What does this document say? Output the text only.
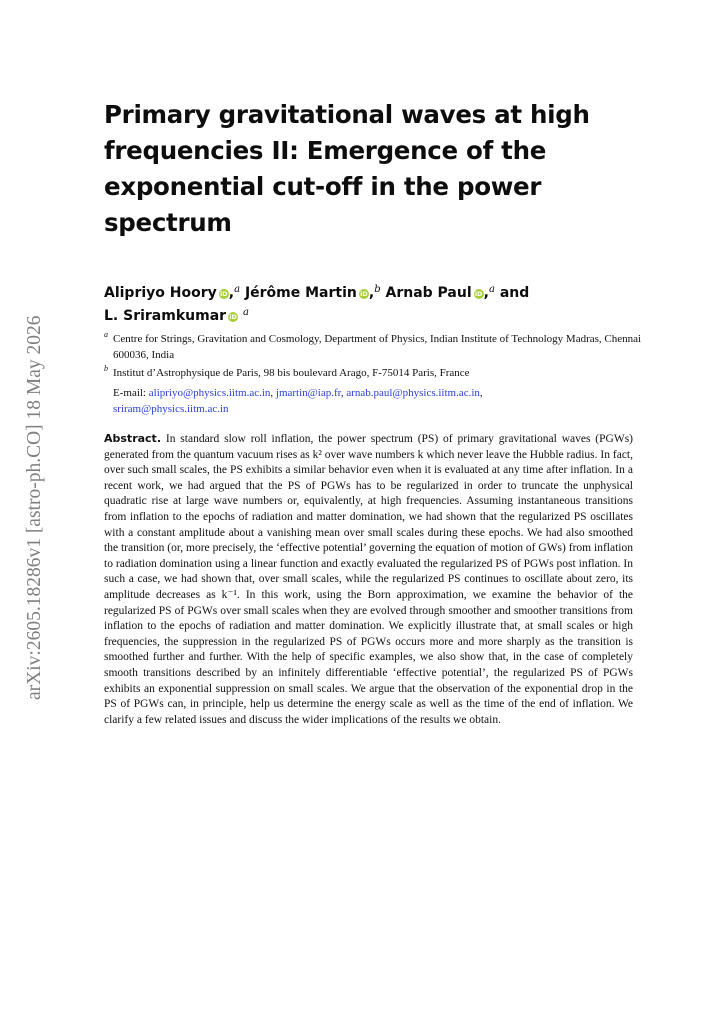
arXiv:2605.18286v1 [astro-ph.CO] 18 May 2026
Primary gravitational waves at high frequencies II: Emergence of the exponential cut-off in the power spectrum
Alipriyo Hoory iD,$^a$ Jérôme Martin iD,$^b$ Arnab Paul iD,$^a$ and
L. Sriramkumar iD $^a$
a Centre for Strings, Gravitation and Cosmology, Department of Physics, Indian Institute of Technology Madras, Chennai 600036, India
b Institut d’Astrophysique de Paris, 98 bis boulevard Arago, F-75014 Paris, France
E-mail: alipriyo@physics.iitm.ac.in, jmartin@iap.fr, arnab.paul@physics.iitm.ac.in,
sriram@physics.iitm.ac.in
Abstract. In standard slow roll inflation, the power spectrum (PS) of primary gravitational waves (PGWs) generated from the quantum vacuum rises as k² over wave numbers k which never leave the Hubble radius. In fact, over such small scales, the PS exhibits a similar behavior even when it is evaluated at any time after inflation. In a recent work, we had argued that the PS of PGWs has to be regularized in order to truncate the unphysical quadratic rise at large wave numbers or, equivalently, at high frequencies. Assuming instantaneous transitions from inflation to the epochs of radiation and matter domination, we had shown that the regularized PS oscillates with a constant amplitude about a vanishing mean over small scales during these epochs. We had also smoothed the transition (or, more precisely, the ‘effective potential’ governing the equation of motion of GWs) from inflation to radiation domination using a linear function and exactly evaluated the regularized PS of PGWs post inflation. In such a case, we had shown that, over small scales, while the regularized PS continues to oscillate about zero, its amplitude decreases as k⁻¹. In this work, using the Born approximation, we examine the behavior of the regularized PS of PGWs over small scales when they are evolved through smoother and smoother transitions from inflation to the epochs of radiation and matter domination. We explicitly illustrate that, at small scales or high frequencies, the suppression in the regularized PS of PGWs occurs more and more sharply as the transition is smoothed further and further. With the help of specific examples, we also show that, in the case of completely smooth transitions described by an infinitely differentiable ‘effective potential’, the regularized PS of PGWs exhibits an exponential suppression on small scales. We argue that the observation of the exponential drop in the PS of PGWs can, in principle, help us determine the energy scale as well as the time of the end of inflation. We clarify a few related issues and discuss the wider implications of the results we obtain.
